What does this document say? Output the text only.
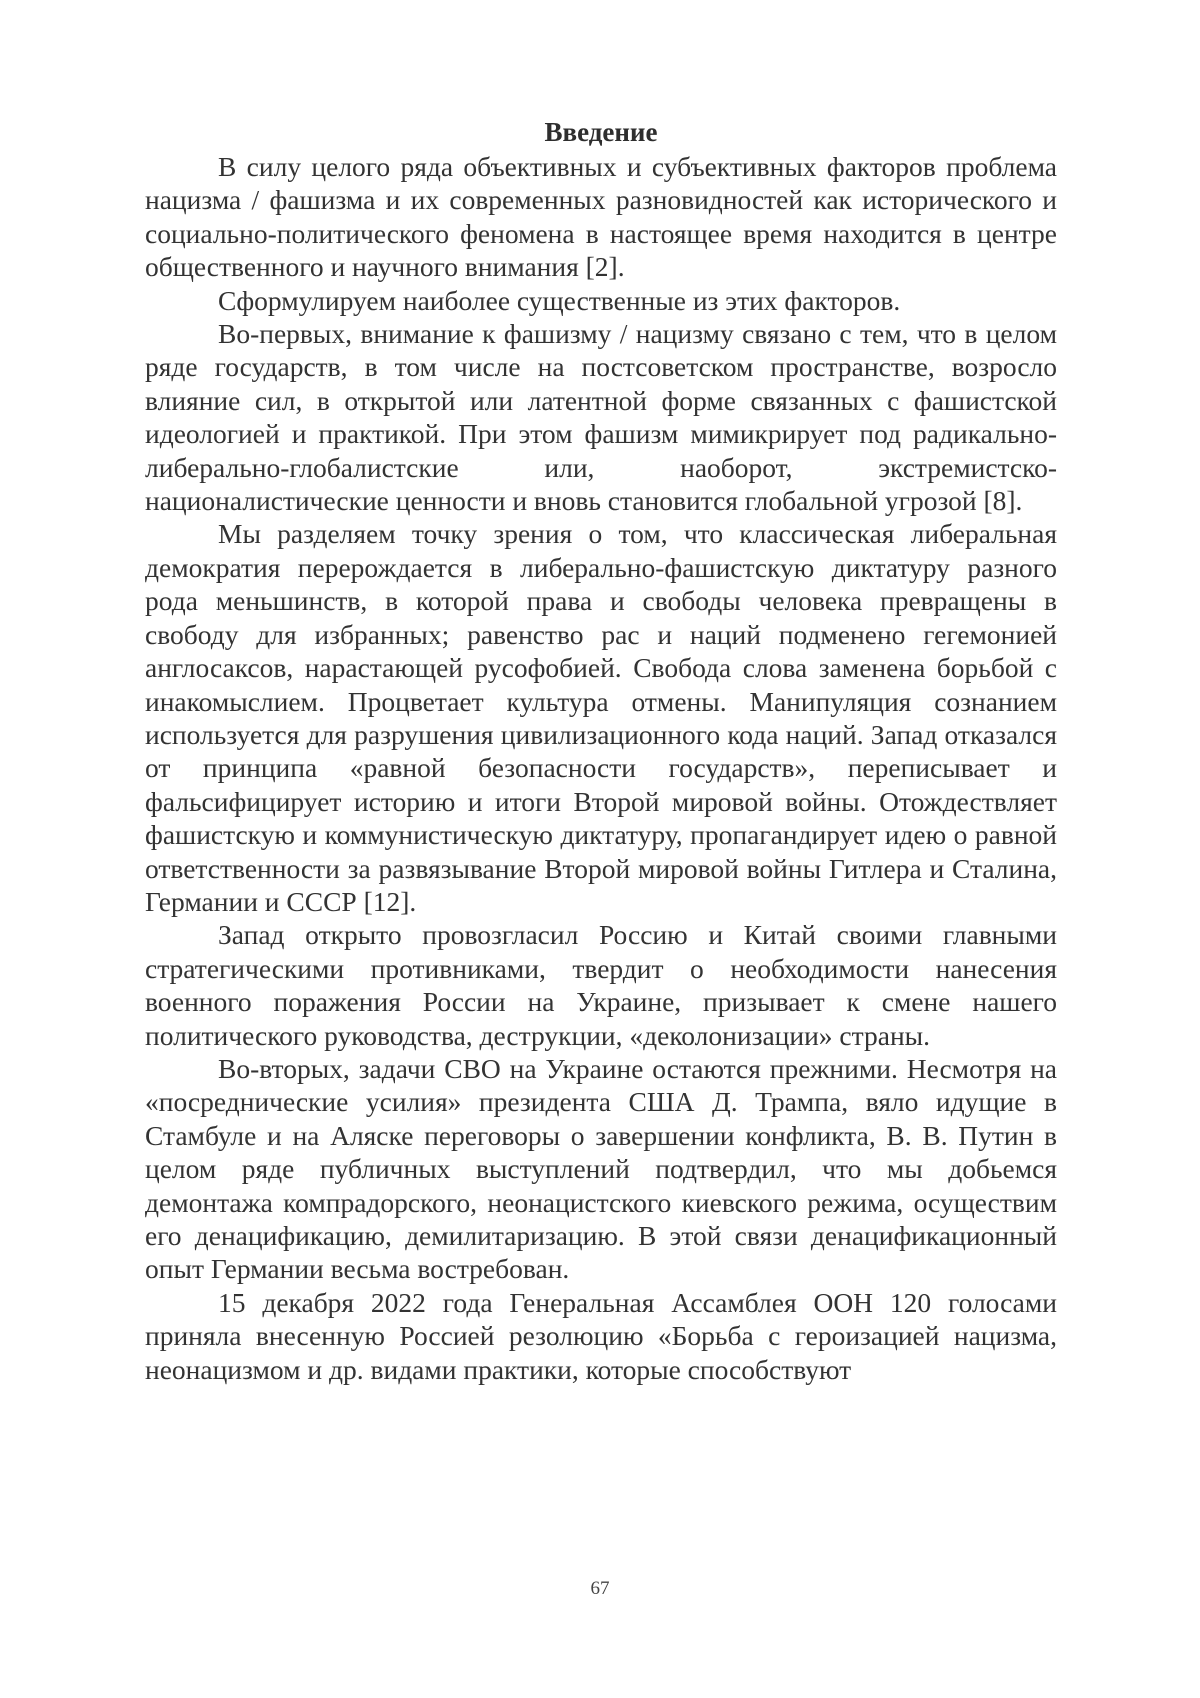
Введение

В силу целого ряда объективных и субъективных факторов проблема нацизма / фашизма и их современных разновидностей как исторического и социально-политического феномена в настоящее время находится в центре общественного и научного внимания [2].

Сформулируем наиболее существенные из этих факторов.

Во-первых, внимание к фашизму / нацизму связано с тем, что в целом ряде государств, в том числе на постсоветском пространстве, возросло влияние сил, в открытой или латентной форме связанных с фашистской идеологией и практикой. При этом фашизм мимикрирует под радикально-либерально-глобалистские или, наоборот, экстремистско-националистические ценности и вновь становится глобальной угрозой [8].

Мы разделяем точку зрения о том, что классическая либеральная демократия перерождается в либерально-фашистскую диктатуру разного рода меньшинств, в которой права и свободы человека превращены в свободу для избранных; равенство рас и наций подменено гегемонией англосаксов, нарастающей русофобией. Свобода слова заменена борьбой с инакомыслием. Процветает культура отмены. Манипуляция сознанием используется для разрушения цивилизационного кода наций. Запад отказался от принципа «равной безопасности государств», переписывает и фальсифицирует историю и итоги Второй мировой войны. Отождествляет фашистскую и коммунистическую диктатуру, пропагандирует идею о равной ответственности за развязывание Второй мировой войны Гитлера и Сталина, Германии и СССР [12].

Запад открыто провозгласил Россию и Китай своими главными стратегическими противниками, твердит о необходимости нанесения военного поражения России на Украине, призывает к смене нашего политического руководства, деструкции, «деколонизации» страны.

Во-вторых, задачи СВО на Украине остаются прежними. Несмотря на «посреднические усилия» президента США Д. Трампа, вяло идущие в Стамбуле и на Аляске переговоры о завершении конфликта, В. В. Путин в целом ряде публичных выступлений подтвердил, что мы добьемся демонтажа компрадорского, неонацистского киевского режима, осуществим его денацификацию, демилитаризацию. В этой связи денацификационный опыт Германии весьма востребован.

15 декабря 2022 года Генеральная Ассамблея ООН 120 голосами приняла внесенную Россией резолюцию «Борьба с героизацией нацизма, неонацизмом и др. видами практики, которые способствуют

67
